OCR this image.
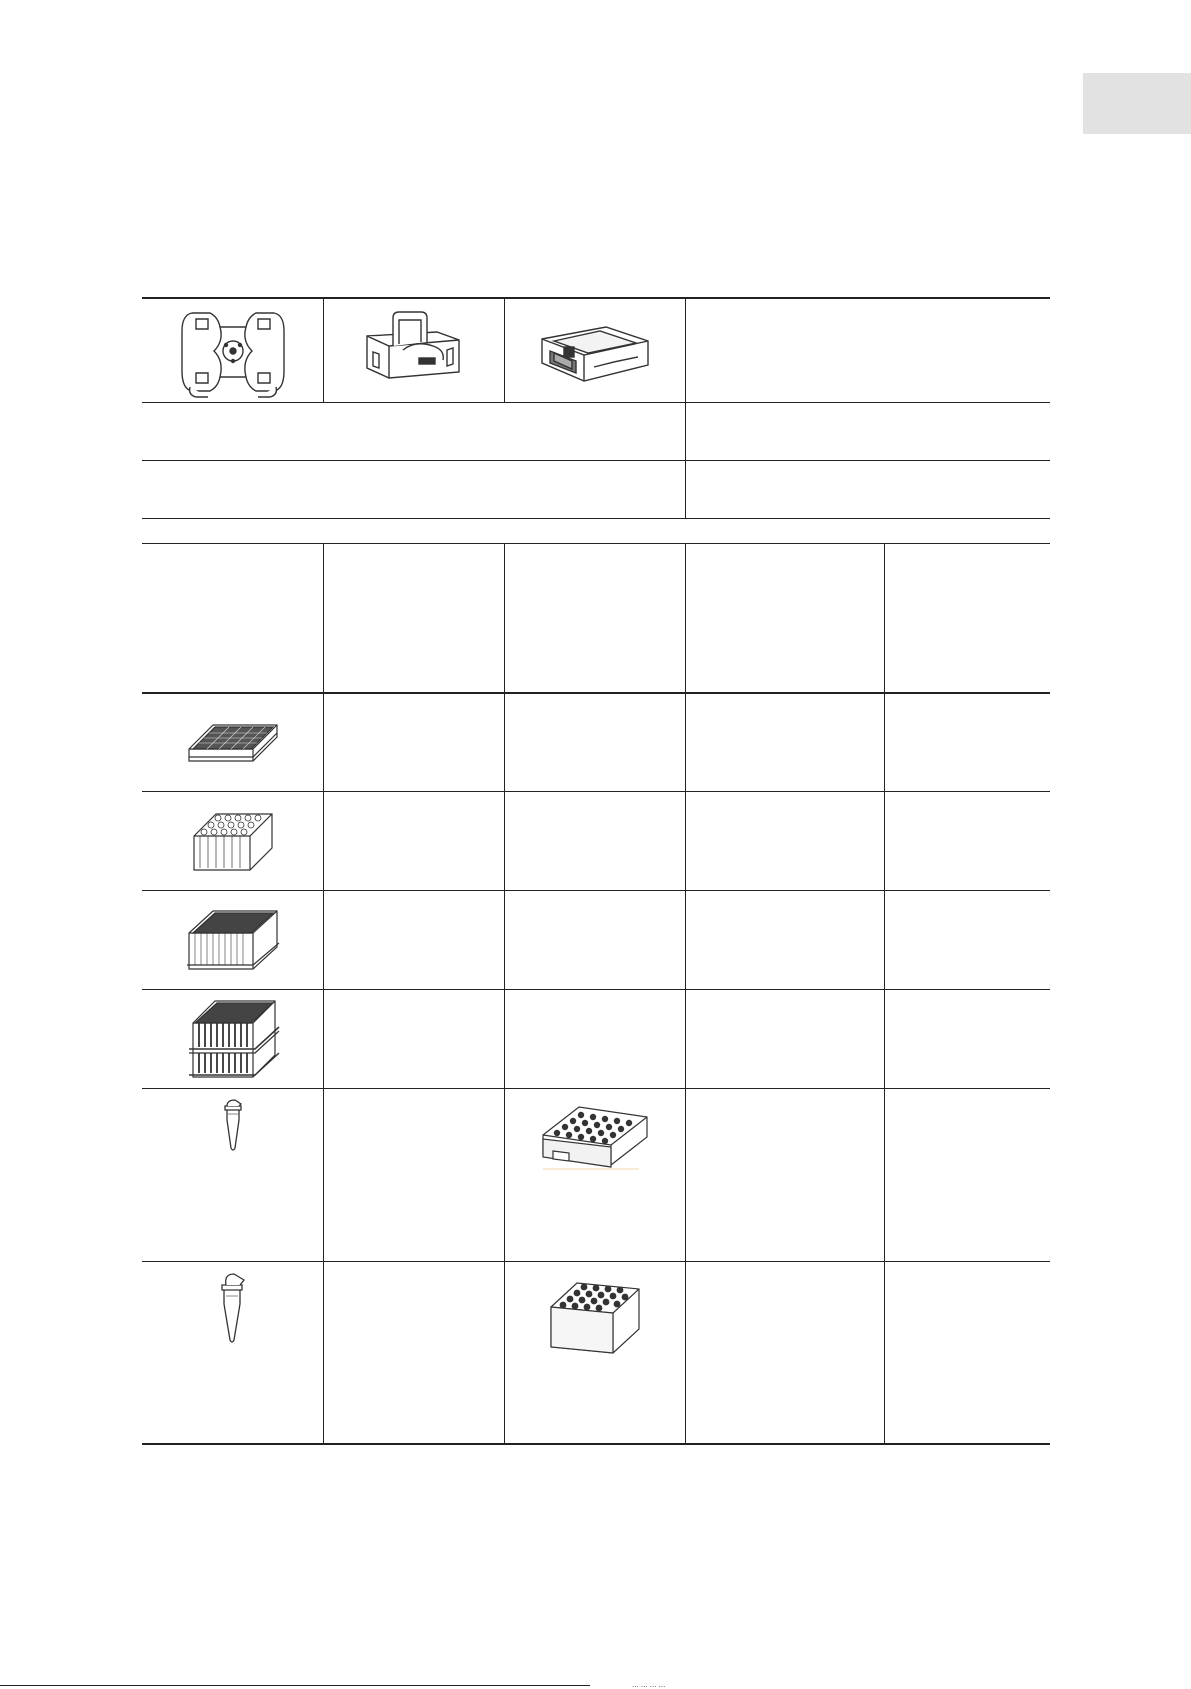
... ... ... ...
